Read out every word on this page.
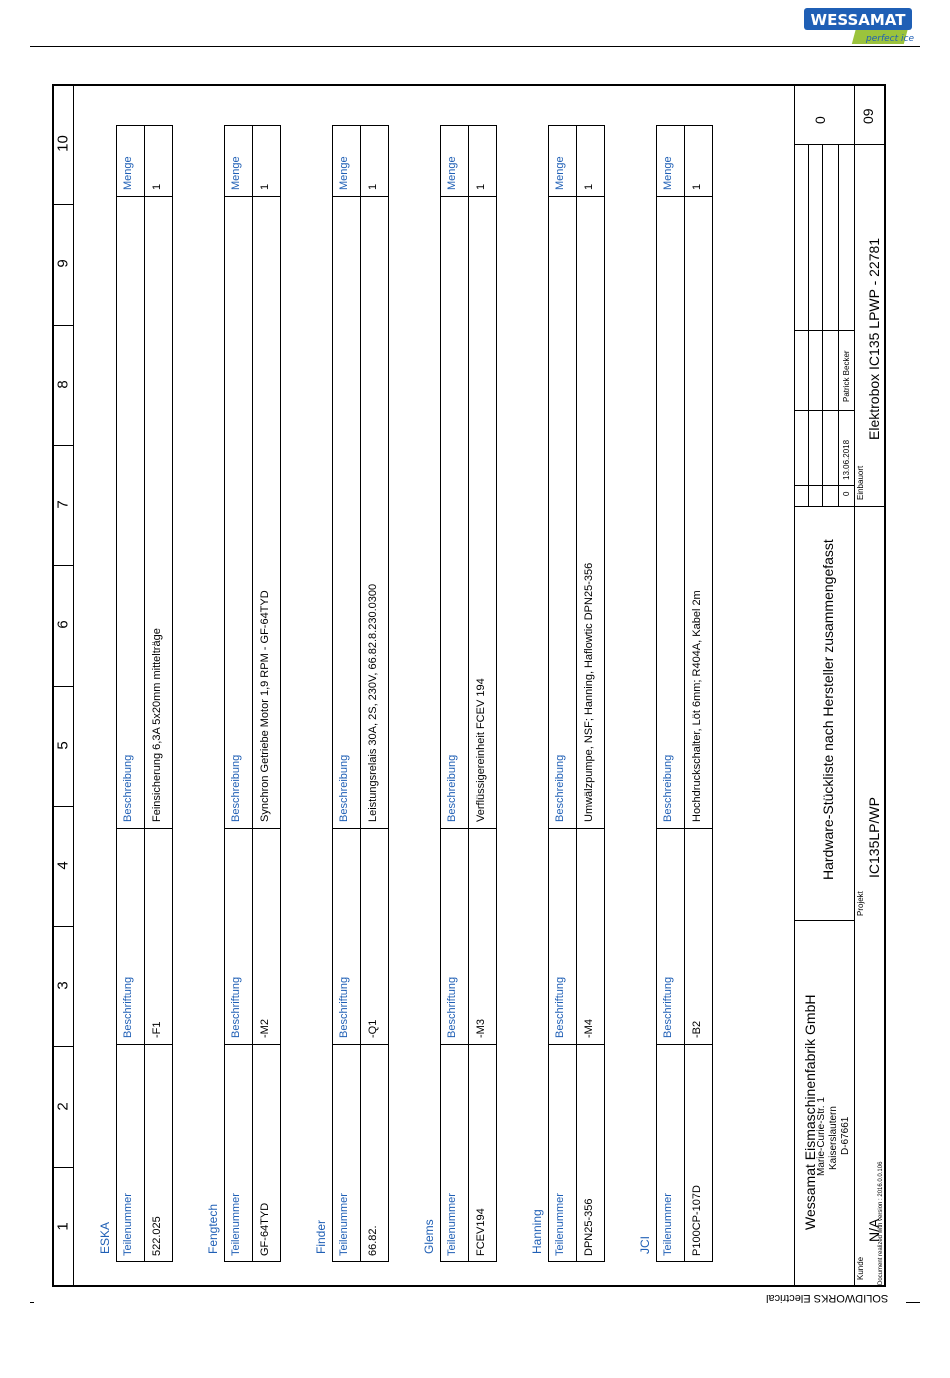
WESSAMAT
perfect ice
1
2
3
4
5
6
7
8
9
10
ESKA Teilenummer 522.025
Beschriftung -F1
Beschreibung Feinsicherung 6,3A 5x20mm mittelträge
Menge 1
Fengtech Teilenummer GF-64TYD
Beschriftung -M2
Beschreibung Synchron Getriebe Motor 1,9 RPM - GF-64TYD
Menge 1
Finder Teilenummer 66.82.
Beschriftung -Q1
Beschreibung Leistungsrelais 30A, 2S, 230V, 66.82.8.230.0300
Menge 1
Glems Teilenummer FCEV194
Beschriftung -M3
Beschreibung Verflüssigereinheit FCEV 194
Menge 1
Hanning Teilenummer DPN25-356
Beschriftung -M4
Beschreibung Umwälzpumpe, NSF; Hanning, Haflowtic DPN25-356
Menge 1
JCI Teilenummer P100CP-107D
Beschriftung -B2
Beschreibung Hochdruckschalter, Löt 6mm; R404A, Kabel 2m
Menge 1
Wessamat Eismaschinenfabrik GmbH
Marie-Curie-Str. 1 Kaiserslautern D-67661
Kunde
N/A
Document realized with version : 2016.0.0.106
Hardware-Stückliste nach Hersteller zusammengefasst
Projekt
IC135LP/WP
0
13.06.2018
Patrick Becker
Einbauort
Elektrobox IC135 LPWP - 22781
0 09
SOLIDWORKS Electrical
